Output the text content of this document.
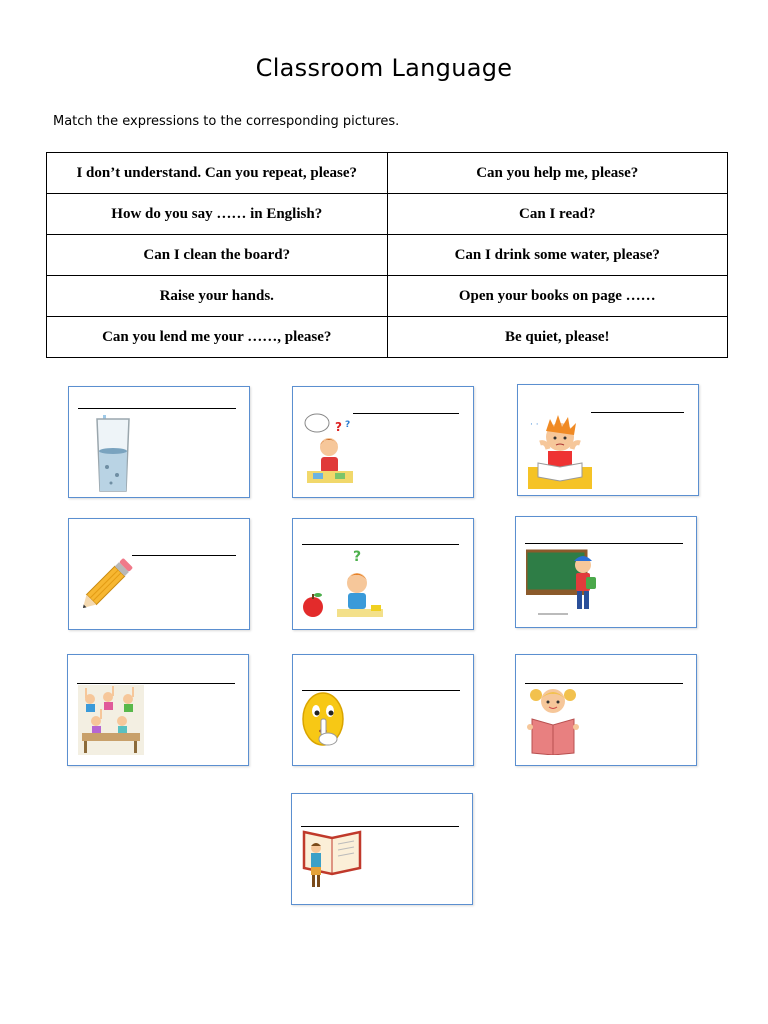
Classroom Language
Match the expressions to the corresponding pictures.
I don’t understand. Can you repeat, please?	Can you help me, please?
How do you say …… in English?	Can I read?
Can I clean the board?	Can I drink some water, please?
Raise your hands.	Open your books on page ……
Can you lend me your ……, please?	Be quiet, please!
? ?	· ·
?
